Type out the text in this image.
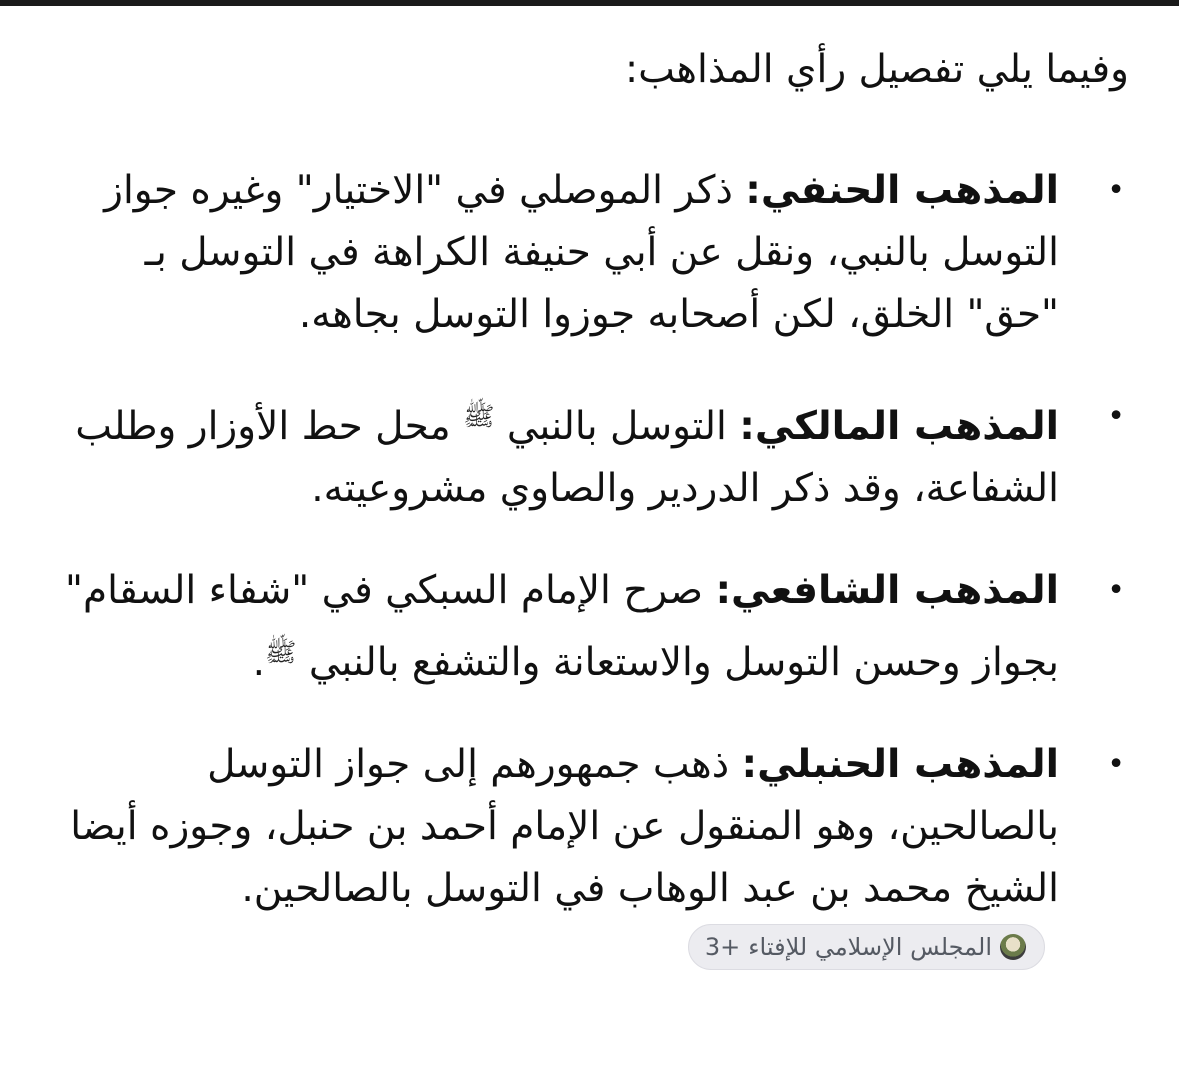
وفيما يلي تفصيل رأي المذاهب:

•
المذهب الحنفي: ذكر الموصلي في "الاختيار" وغيره جواز التوسل بالنبي، ونقل عن أبي حنيفة الكراهة في التوسل بـ "حق" الخلق، لكن أصحابه جوزوا التوسل بجاهه.
•
المذهب المالكي: التوسل بالنبي $^ﷺ$ محل حط الأوزار وطلب الشفاعة، وقد ذكر الدردير والصاوي مشروعيته.
•
المذهب الشافعي: صرح الإمام السبكي في "شفاء السقام" بجواز وحسن التوسل والاستعانة والتشفع بالنبي $^ﷺ$.
•
المذهب الحنبلي: ذهب جمهورهم إلى جواز التوسل بالصالحين، وهو المنقول عن الإمام أحمد بن حنبل، وجوزه أيضا الشيخ محمد بن عبد الوهاب في التوسل بالصالحين.
المجلس الإسلامي للإفتاء
+3
